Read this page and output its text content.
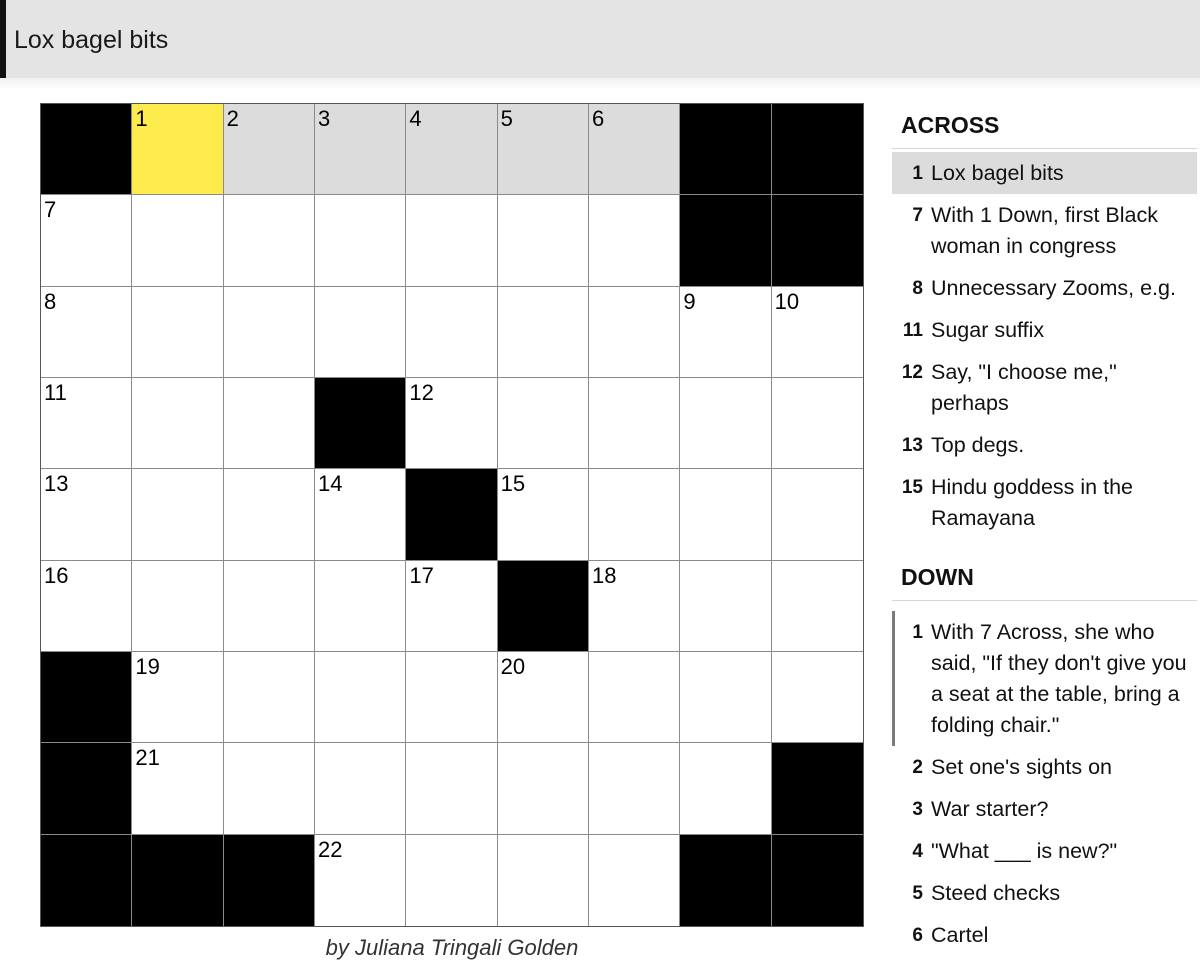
Lox bagel bits
1	2	3	4	5	6
7
8	9	10
11	12
13	14	15
16	17	18
19	20
21
22
by Juliana Tringali Golden
ACROSS
1 Lox bagel bits
7 With 1 Down, first Black woman in congress
8 Unnecessary Zooms, e.g.
11 Sugar suffix
12 Say, "I choose me," perhaps
13 Top degs.
15 Hindu goddess in the Ramayana
DOWN
1 With 7 Across, she who said, "If they don't give you a seat at the table, bring a folding chair."
2 Set one's sights on
3 War starter?
4 "What ___ is new?"
5 Steed checks
6 Cartel
